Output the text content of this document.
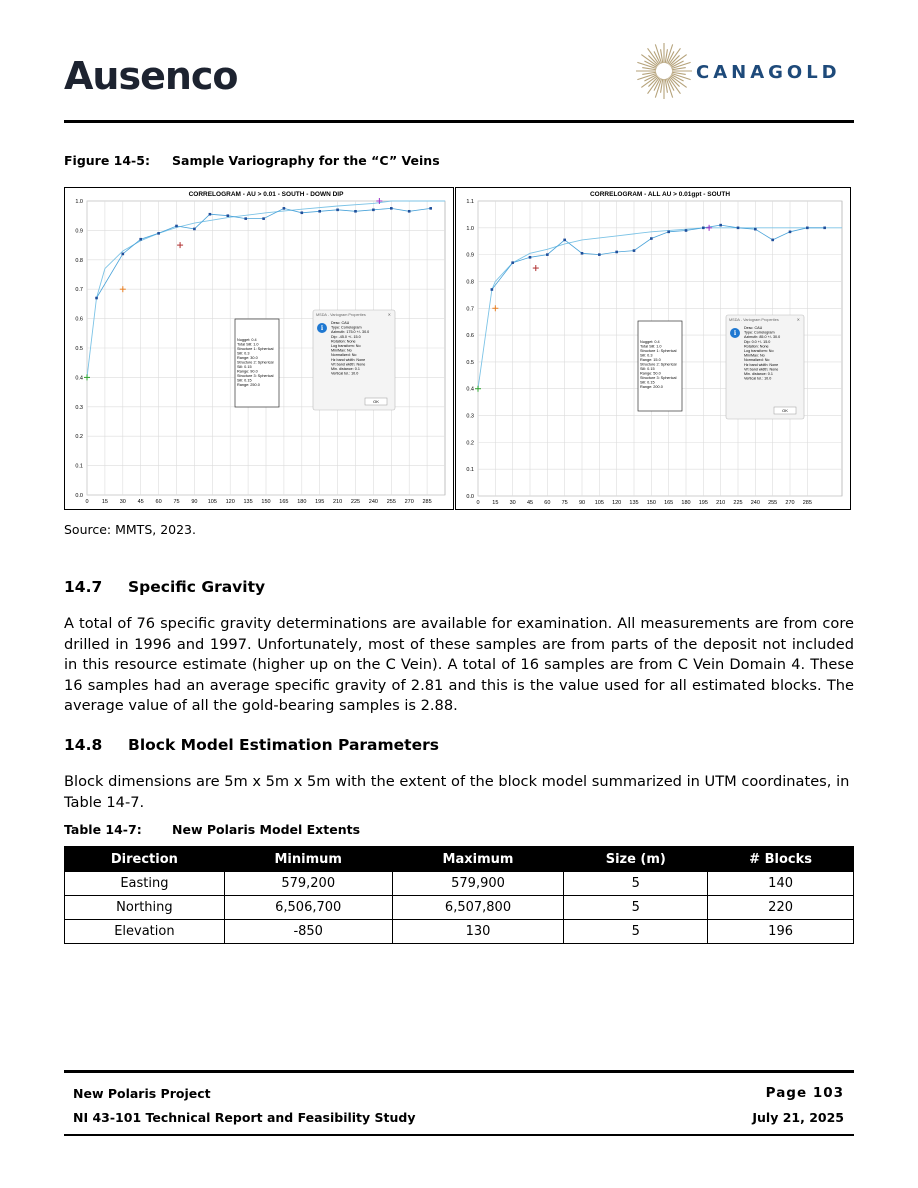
Ausenco	CANAGOLD
Figure 14-5: Sample Variography for the “C” Veins
CORRELOGRAM - AU > 0.01 - SOUTH - DOWN DIP
0.0
0.1
0.2
0.3
0.4
0.5
0.6
0.7
0.8
0.9
1.0
0 15 30 45 60 75 90 105 120 135 150 165 180 195 210 225 240 255 270 285
Nugget: 0.4
Total Sill: 1.0
Structure 1: Spherical
Sill: 0.3
Range: 30.0
Structure 2: Spherical
Sill: 0.15
Range: 90.0
Structure 3: Spherical
Sill: 0.15
Range: 250.0
MSDA - Variogram Properties	✕
i
Desc: CAU
Type: Correlogram
Azimuth: 175.0 +/- 30.0
Dip: -45.0 +/- 15.0
Rotation: None
Log transform: No
Min/Max: No
Normalized: No
Hz band width: None
Vrt band width: None
Min. distance: 0.1
Vertical tol.: 10.0
OK
CORRELOGRAM - ALL AU > 0.01gpt - SOUTH
0.0
0.1
0.2
0.3
0.4
0.5
0.6
0.7
0.8
0.9
1.0
1.1
0 15 30 45 60 75 90 105 120 135 150 165 180 195 210 225 240 255 270 285
Nugget: 0.4
Total Sill: 1.0
Structure 1: Spherical
Sill: 0.3
Range: 15.0
Structure 2: Spherical
Sill: 0.15
Range: 50.0
Structure 3: Spherical
Sill: 0.15
Range: 200.0
MSDA - Variogram Properties	✕
i
Desc: CAU
Type: Correlogram
Azimuth: 85.0 +/- 30.0
Dip: 0.0 +/- 15.0
Rotation: None
Log transform: No
Min/Max: No
Normalized: No
Hz band width: None
Vrt band width: None
Min. distance: 0.1
Vertical tol.: 10.0
OK
Source: MMTS, 2023.
14.7 Specific Gravity
A total of 76 specific gravity determinations are available for examination. All measurements are from core drilled in 1996 and 1997. Unfortunately, most of these samples are from parts of the deposit not included in this resource estimate (higher up on the C Vein). A total of 16 samples are from C Vein Domain 4. These 16 samples had an average specific gravity of 2.81 and this is the value used for all estimated blocks. The average value of all the gold-bearing samples is 2.88.
14.8 Block Model Estimation Parameters
Block dimensions are 5m x 5m x 5m with the extent of the block model summarized in UTM coordinates, in Table 14-7.
Table 14-7: New Polaris Model Extents
Direction	Minimum	Maximum	Size (m)	# Blocks
Easting	579,200	579,900	5	140
Northing	6,506,700	6,507,800	5	220
Elevation	-850	130	5	196
New Polaris Project
NI 43-101 Technical Report and Feasibility Study
Page 103
July 21, 2025
